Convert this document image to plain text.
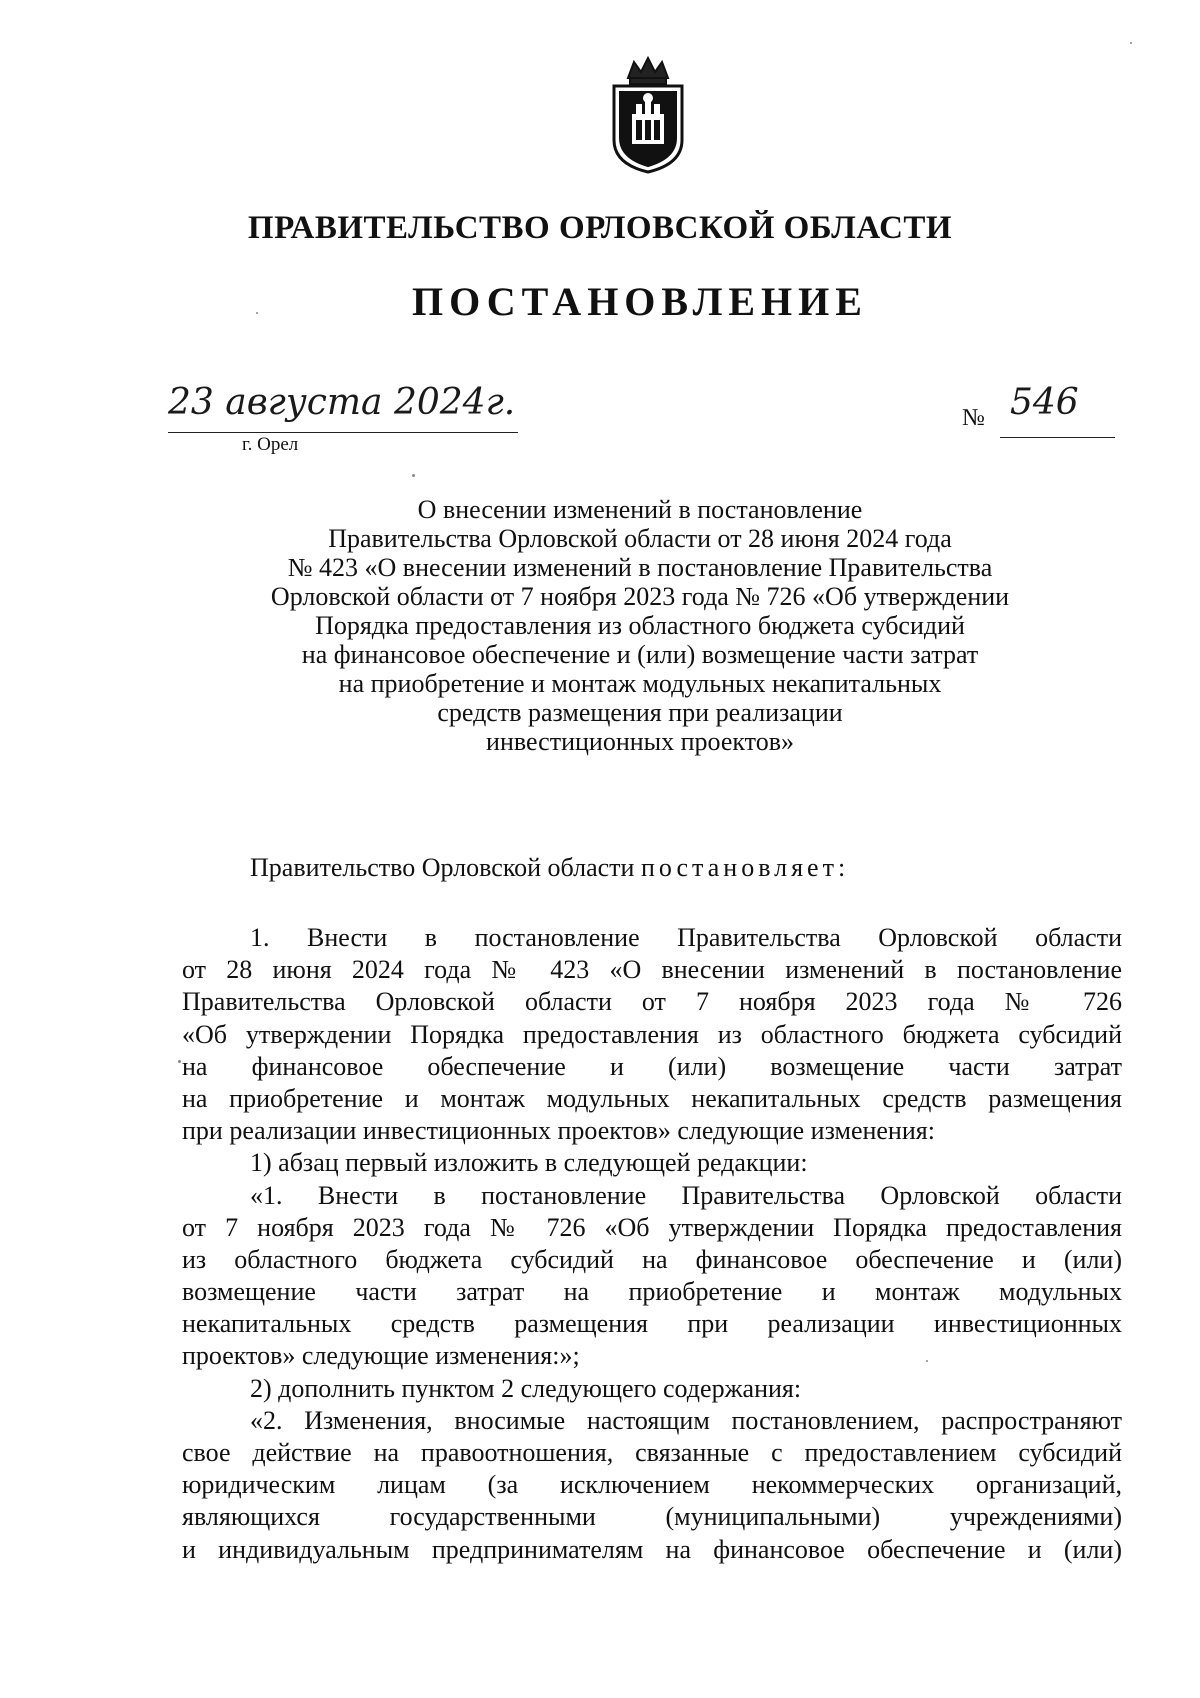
ПРАВИТЕЛЬСТВО ОРЛОВСКОЙ ОБЛАСТИ
ПОСТАНОВЛЕНИЕ
23 августа 2024г.
г. Орел
№ 546
О внесении изменений в постановление
Правительства Орловской области от 28 июня 2024 года
№ 423 «О внесении изменений в постановление Правительства
Орловской области от 7 ноября 2023 года № 726 «Об утверждении
Порядка предоставления из областного бюджета субсидий
на финансовое обеспечение и (или) возмещение части затрат
на приобретение и монтаж модульных некапитальных
средств размещения при реализации
инвестиционных проектов»
Правительство Орловской области постановляет:
1. Внести в постановление Правительства Орловской области
от 28 июня 2024 года № 423 «О внесении изменений в постановление
Правительства Орловской области от 7 ноября 2023 года № 726
«Об утверждении Порядка предоставления из областного бюджета субсидий
на финансовое обеспечение и (или) возмещение части затрат
на приобретение и монтаж модульных некапитальных средств размещения
при реализации инвестиционных проектов» следующие изменения:
1) абзац первый изложить в следующей редакции:
«1. Внести в постановление Правительства Орловской области
от 7 ноября 2023 года № 726 «Об утверждении Порядка предоставления
из областного бюджета субсидий на финансовое обеспечение и (или)
возмещение части затрат на приобретение и монтаж модульных
некапитальных средств размещения при реализации инвестиционных
проектов» следующие изменения:»;
2) дополнить пунктом 2 следующего содержания:
«2. Изменения, вносимые настоящим постановлением, распространяют
свое действие на правоотношения, связанные с предоставлением субсидий
юридическим лицам (за исключением некоммерческих организаций,
являющихся государственными (муниципальными) учреждениями)
и индивидуальным предпринимателям на финансовое обеспечение и (или)
